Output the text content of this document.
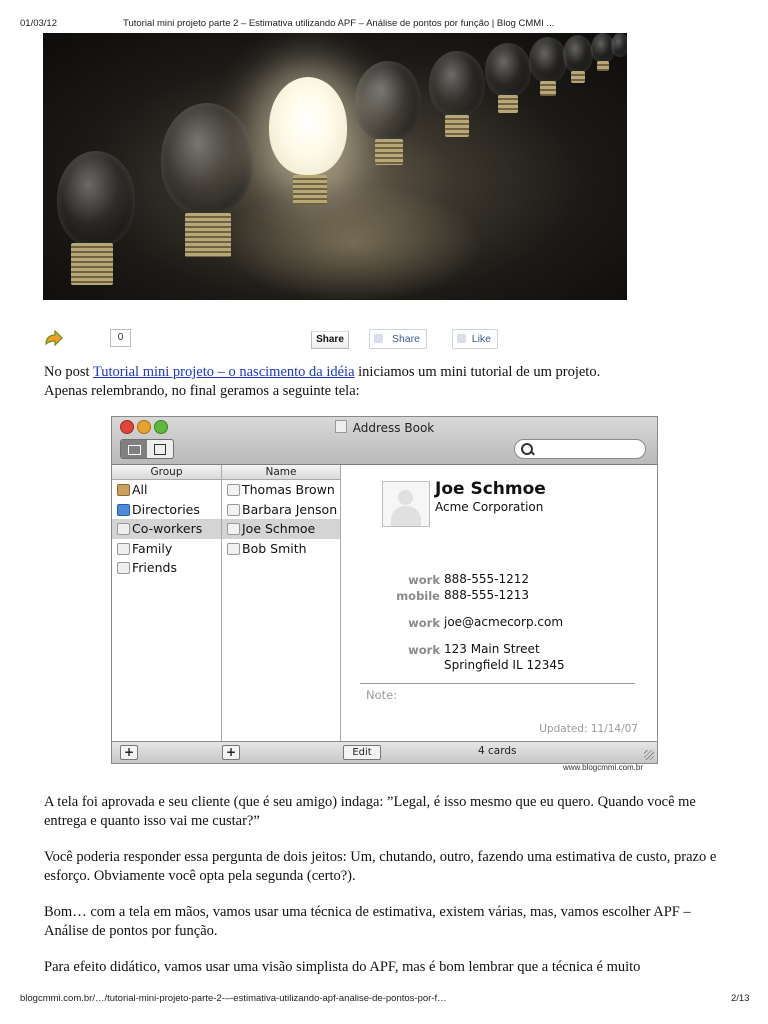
01/03/12	Tutorial mini projeto parte 2 – Estimativa utilizando APF – Análise de pontos por função | Blog CMMI ...
0	Share	Share	Like

No post Tutorial mini projeto – o nascimento da idéia iniciamos um mini tutorial de um projeto.
Apenas relembrando, no final geramos a seguinte tela:

Address Book
Group
All
Directories
Co-workers
Family
Friends
Name
Thomas Brown
Barbara Jenson
Joe Schmoe
Bob Smith
Joe Schmoe
Acme Corporation
work 888-555-1212
mobile 888-555-1213
work joe@acmecorp.com
work 123 Main Street
Springfield IL 12345
Note:
Updated: 11/14/07
+	+	Edit	4 cards
www.blogcmmi.com.br

A tela foi aprovada e seu cliente (que é seu amigo) indaga: ”Legal, é isso mesmo que eu quero. Quando você me entrega e quanto isso vai me custar?”

Você poderia responder essa pergunta de dois jeitos: Um, chutando, outro, fazendo uma estimativa de custo, prazo e esforço. Obviamente você opta pela segunda (certo?).

Bom… com a tela em mãos, vamos usar uma técnica de estimativa, existem várias, mas, vamos escolher APF – Análise de pontos por função.

Para efeito didático, vamos usar uma visão simplista do APF, mas é bom lembrar que a técnica é muito

blogcmmi.com.br/…/tutorial-mini-projeto-parte-2-–-estimativa-utilizando-apf-analise-de-pontos-por-f…	2/13
